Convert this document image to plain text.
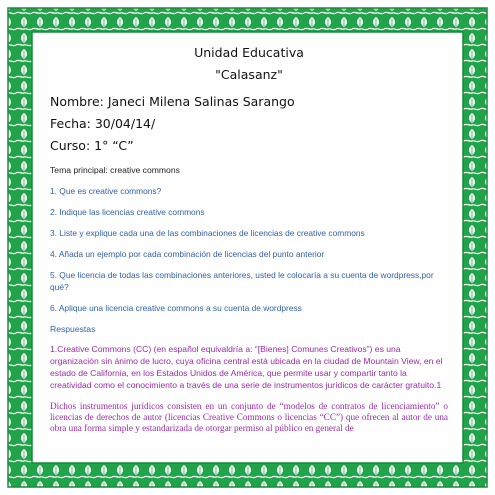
Unidad Educativa
"Calasanz"
Nombre: Janeci Milena Salinas Sarango
Fecha: 30/04/14/
Curso: 1° “C”
Tema principal: creative commons
1. Que es creative commons?
2. Indique las licencias creative commons
3. Liste y explique cada una de las combinaciones de licencias de creative commons
4. Añada un ejemplo por cada combinación de licencias del punto anterior
5. Que licencia de todas las combinaciones anteriores, usted le colocaría a su cuenta de wordpress,por qué?
6. Aplique una licencia creative commons a su cuenta de wordpress
Respuestas
1.Creative Commons (CC) (en español equivaldría a: “[Bienes] Comunes Creativos”) es una organización sin ánimo de lucro, cuya oficina central está ubicada en la ciudad de Mountain View, en el estado de California, en los Estados Unidos de América, que permite usar y compartir tanto la creatividad como el conocimiento a través de una serie de instrumentos jurídicos de carácter gratuito.1
Dichos instrumentos jurídicos consisten en un conjunto de “modelos de contratos de licenciamiento” o licencias de derechos de autor (licencias Creative Commons o licencias “CC”) que ofrecen al autor de una obra una forma simple y estandarizada de otorgar permiso al público en general de
